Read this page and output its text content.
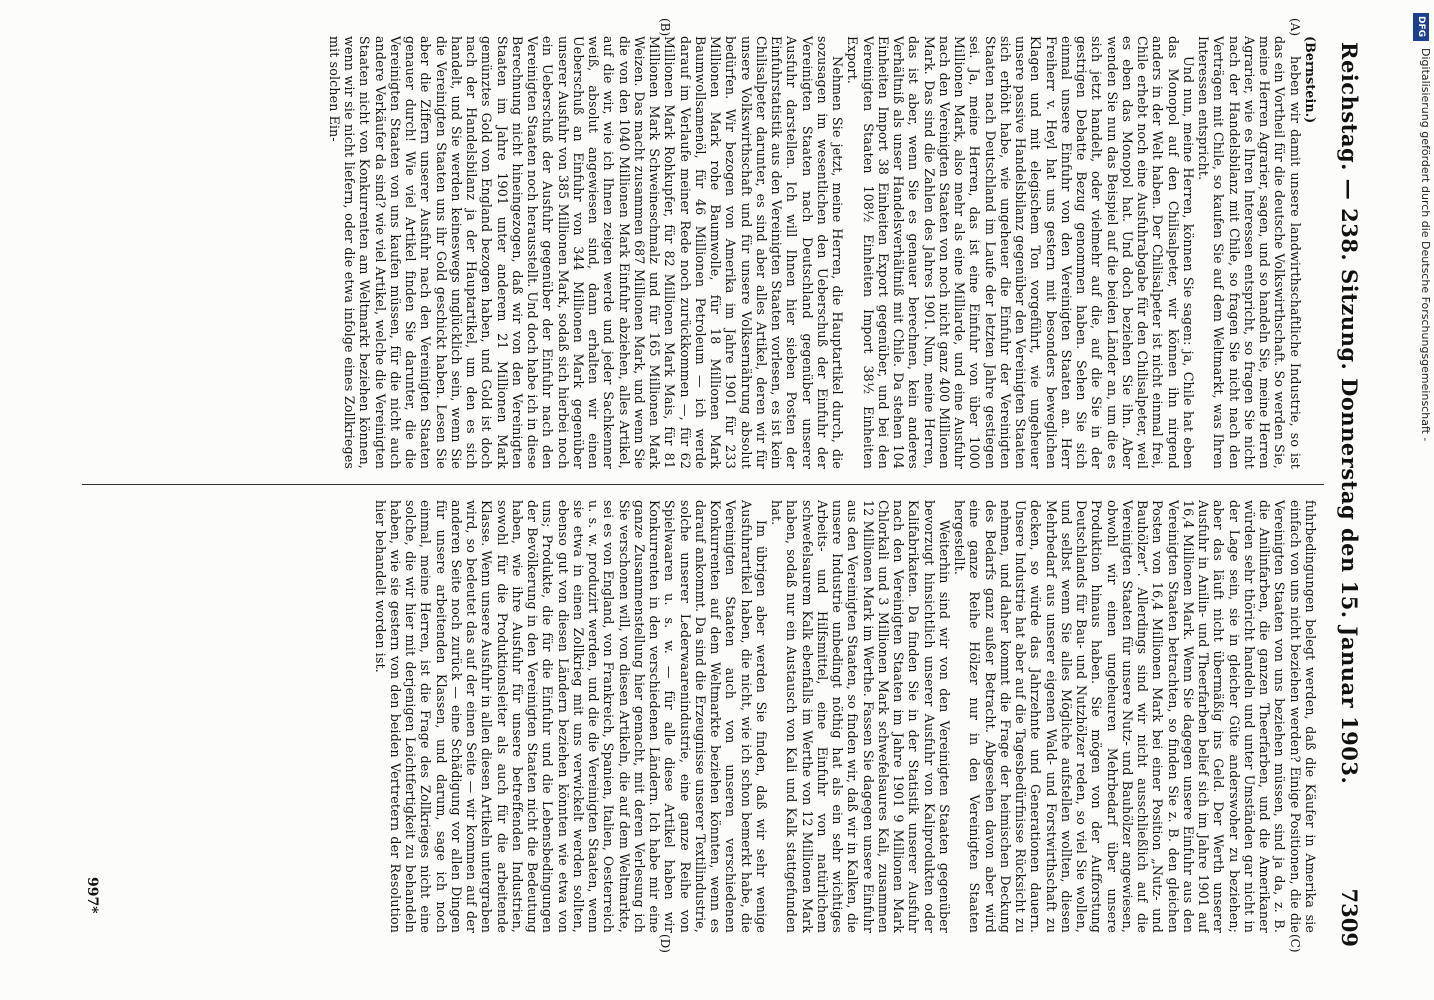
Reichstag. — 238. Sitzung. Donnerstag den 15. Januar 1903.
7309
(A)
(B)
(C)
(D)

(Bernstein.)

heben wir damit unsere landwirthschaftliche Industrie, so ist das ein Vortheil für die deutsche Volkswirthschaft. So werden Sie, meine Herren Agrarier, sagen, und so handeln Sie, meine Herren Agrarier, wie es Ihren Interessen entspricht, so fragen Sie nicht nach der Handelsbilanz mit Chile, so fragen Sie nicht nach den Verträgen mit Chile, so kaufen Sie auf dem Weltmarkt, was Ihren Interessen entspricht.

Und nun, meine Herren, können Sie sagen: ja, Chile hat eben das Monopol auf den Chilisalpeter, wir können ihn nirgend anders in der Welt haben. Der Chilisalpeter ist nicht einmal frei, Chile erhebt noch eine Ausfuhrabgabe für den Chilisalpeter, weil es eben das Monopol hat. Und doch beziehen Sie ihn. Aber wenden Sie nun das Beispiel auf die beiden Länder an, um die es sich jetzt handelt, oder vielmehr auf die, auf die Sie in der gestrigen Debatte Bezug genommen haben. Sehen Sie sich einmal unsere Einfuhr von den Vereinigten Staaten an. Herr Freiherr v. Heyl hat uns gestern mit besonders beweglichen Klagen und mit elegischem Ton vorgeführt, wie ungeheuer unsere passive Handelsbilanz gegenüber den Vereinigten Staaten sich erhöht habe, wie ungeheuer die Einfuhr der Vereinigten Staaten nach Deutschland im Laufe der letzten Jahre gestiegen sei. Ja, meine Herren, das ist eine Einfuhr von über 1000 Millionen Mark, also mehr als eine Milliarde, und eine Ausfuhr nach den Vereinigten Staaten von noch nicht ganz 400 Millionen Mark. Das sind die Zahlen des Jahres 1901. Nun, meine Herren, das ist aber, wenn Sie es genauer berechnen, kein anderes Verhältniß als unser Handelsverhältniß mit Chile. Da stehen 104 Einheiten Import 38 Einheiten Export gegenüber, und bei den Vereinigten Staaten 108½ Einheiten Import 38½ Einheiten Export.

Nehmen Sie jetzt, meine Herren, die Hauptartikel durch, die sozusagen im wesentlichen den Ueberschuß der Einfuhr der Vereinigten Staaten nach Deutschland gegenüber unserer Ausfuhr darstellen. Ich will Ihnen hier sieben Posten der Einfuhrstatistik aus den Vereinigten Staaten vorlesen, es ist kein Chilisalpeter darunter, es sind aber alles Artikel, deren wir für unsere Volkswirthschaft und für unsere Volksernährung absolut bedürfen. Wir bezogen von Amerika im Jahre 1901 für 233 Millionen Mark rohe Baumwolle, für 18 Millionen Mark Baumwollsamenöl, für 46 Millionen Petroleum — ich werde darauf im Verlaufe meiner Rede noch zurückkommen —, für 62 Millionen Mark Rohkupfer, für 82 Millionen Mark Mais, für 81 Millionen Mark Schweineschmalz und für 165 Millionen Mark Weizen. Das macht zusammen 687 Millionen Mark, und wenn Sie die von den 1040 Millionen Mark Einfuhr abziehen, alles Artikel, auf die wir, wie ich Ihnen zeigen werde und jeder Sachkenner weiß, absolut angewiesen sind, dann erhalten wir einen Ueberschuß an Einfuhr von 344 Millionen Mark gegenüber unserer Ausfuhr von 385 Millionen Mark, sodaß sich hierbei noch ein Ueberschuß der Ausfuhr gegenüber der Einfuhr nach den Vereinigten Staaten noch herausstellt. Und doch habe ich in diese Berechnung nicht hineingezogen, daß wir von den Vereinigten Staaten im Jahre 1901 unter anderem 21 Millionen Mark gemünztes Gold von England bezogen haben, und Gold ist doch nach der Handelsbilanz ja der Hauptartikel, um den es sich handelt, und Sie werden keineswegs unglücklich sein, wenn Sie die Vereinigten Staaten uns ihr Gold geschickt haben. Lesen Sie aber die Ziffern unserer Ausfuhr nach den Vereinigten Staaten genauer durch! Wie viel Artikel finden Sie darunter, die die Vereinigten Staaten von uns kaufen müssen, für die nicht auch andere Verkäufer da sind? wie viel Artikel, welche die Vereinigten Staaten nicht von Konkurrenten am Weltmarkt beziehen können, wenn wir sie nicht liefern, oder die etwa infolge eines Zollkrieges mit solchen Ein-

fuhrbedingungen belegt werden, daß die Käufer in Amerika sie einfach von uns nicht beziehen werden? Einige Positionen, die die Vereinigten Staaten von uns beziehen müssen, sind ja da, z. B. die Anilinfarben, die ganzen Theerfarben, und die Amerikaner würden sehr thöricht handeln und unter Umständen gar nicht in der Lage sein, sie in gleicher Güte anderswoher zu beziehen; aber das läuft nicht übermäßig ins Geld. Der Werth unserer Ausfuhr in Anilin- und Theerfarben belief sich im Jahre 1901 auf 16,4 Millionen Mark. Wenn Sie dagegen unsere Einfuhr aus den Vereinigten Staaten betrachten, so finden Sie z. B. den gleichen Posten von 16,4 Millionen Mark bei einer Position „Nutz- und Bauhölzer“. Allerdings sind wir nicht ausschließlich auf die Vereinigten Staaten für unsere Nutz- und Bauhölzer angewiesen, obwohl wir einen ungeheuren Mehrbedarf über unsere Produktion hinaus haben. Sie mögen von der Aufforstung Deutschlands für Bau- und Nutzhölzer reden, so viel Sie wollen, und selbst wenn Sie alles Mögliche aufstellen wollten, diesen Mehrbedarf aus unserer eigenen Wald- und Forstwirthschaft zu decken, so würde das Jahrzehnte und Generationen dauern. Unsere Industrie hat aber auf die Tagesbedürfnisse Rücksicht zu nehmen, und daher kommt die Frage der heimischen Deckung des Bedarfs ganz außer Betracht. Abgesehen davon aber wird eine ganze Reihe Hölzer nur in den Vereinigten Staaten hergestellt.

Weiterhin sind wir von den Vereinigten Staaten gegenüber bevorzugt hinsichtlich unserer Ausfuhr von Kaliprodukten oder Kalifabrikaten. Da finden Sie in der Statistik unserer Ausfuhr nach den Vereinigten Staaten im Jahre 1901 9 Millionen Mark Chlorkali und 3 Millionen Mark schwefelsaures Kali, zusammen 12 Millionen Mark im Werthe. Fassen Sie dagegen unsere Einfuhr aus den Vereinigten Staaten, so finden wir, daß wir in Kalken, die unsere Industrie unbedingt nöthig hat als ein sehr wichtiges Arbeits- und Hilfsmittel, eine Einfuhr von natürlichem schwefelsaurem Kalk ebenfalls im Werthe von 12 Millionen Mark haben, sodaß nur ein Austausch von Kali und Kalk stattgefunden hat.

Im übrigen aber werden Sie finden, daß wir sehr wenige Ausfuhrartikel haben, die nicht, wie ich schon bemerkt habe, die Vereinigten Staaten auch von unseren verschiedenen Konkurrenten auf dem Weltmarkte beziehen könnten, wenn es darauf ankommt. Da sind die Erzeugnisse unserer Textilindustrie, solche unserer Lederwaarenindustrie, eine ganze Reihe von Spielwaaren u. s. w. — für alle diese Artikel haben wir Konkurrenten in den verschiedenen Ländern. Ich habe mir eine ganze Zusammenstellung hier gemacht, mit deren Verlesung ich Sie verschonen will, von diesen Artikeln, die auf dem Weltmarkte, sei es von England, von Frankreich, Spanien, Italien, Oesterreich u. s. w. produzirt werden, und die die Vereinigten Staaten, wenn sie etwa in einen Zollkrieg mit uns verwickelt werden sollten, ebenso gut von diesen Ländern beziehen könnten wie etwa von uns; Produkte, die für die Einfuhr und die Lebensbedingungen der Bevölkerung in den Vereinigten Staaten nicht die Bedeutung haben, wie ihre Ausfuhr für unsere betreffenden Industrien, sowohl für die Produktionsleiter als auch für die arbeitende Klasse. Wenn unsere Ausfuhr in allen diesen Artikeln untergraben wird, so bedeutet das auf der einen Seite — wir kommen auf der anderen Seite noch zurück — eine Schädigung vor allen Dingen für unsere arbeitenden Klassen, und darum, sage ich noch einmal, meine Herren, ist die Frage des Zollkrieges nicht eine solche, die wir hier mit derjenigen Leichtfertigkeit zu behandeln haben, wie sie gestern von den beiden Vertretern der Resolution hier behandelt worden ist.

997*
DFG
Digitalisierung gefördert durch die Deutsche Forschungsgemeinschaft -
